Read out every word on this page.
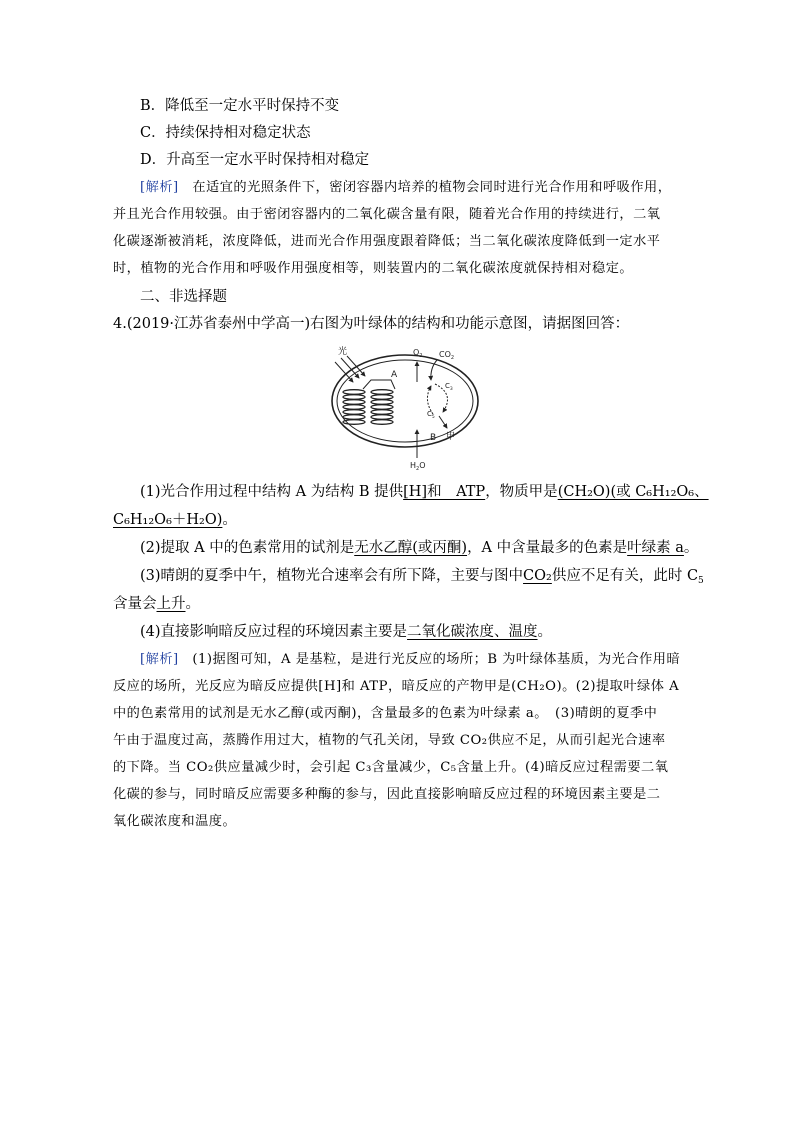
B．降低至一定水平时保持不变
C．持续保持相对稳定状态
D．升高至一定水平时保持相对稳定
[解析]　 在适宜的光照条件下，密闭容器内培养的植物会同时进行光合作用和呼吸作用，
并且光合作用较强。由于密闭容器内的二氧化碳含量有限，随着光合作用的持续进行，二氧
化碳逐渐被消耗，浓度降低，进而光合作用强度跟着降低；当二氧化碳浓度降低到一定水平
时，植物的光合作用和呼吸作用强度相等，则装置内的二氧化碳浓度就保持相对稳定。
二、非选择题
4.(2019·江苏省泰州中学高一)右图为叶绿体的结构和功能示意图，请据图回答：
光
A
$O_2$ $CO_2$
$C_3$
$C_5$
B 甲
$H_2O$
(1)光合作用过程中结构 A 为结构 B 提供[H]和　ATP，物质甲是(CH₂O)(或 C₆H₁₂O₆、
C₆H₁₂O₆＋H₂O)。
(2)提取 A 中的色素常用的试剂是无水乙醇(或丙酮)，A 中含量最多的色素是叶绿素 a。
(3)晴朗的夏季中午，植物光合速率会有所下降，主要与图中CO₂供应不足有关，此时 $C_5$
含量会上升。
(4)直接影响暗反应过程的环境因素主要是二氧化碳浓度、温度。
[解析]　 (1)据图可知，A 是基粒，是进行光反应的场所；B 为叶绿体基质，为光合作用暗
反应的场所，光反应为暗反应提供[H]和 ATP，暗反应的产物甲是(CH₂O)。(2)提取叶绿体 A
中的色素常用的试剂是无水乙醇(或丙酮)，含量最多的色素为叶绿素 a。　(3)晴朗的夏季中
午由于温度过高，蒸腾作用过大，植物的气孔关闭，导致 CO₂供应不足，从而引起光合速率
的下降。当 CO₂供应量减少时，会引起 C₃含量减少，C₅含量上升。(4)暗反应过程需要二氧
化碳的参与，同时暗反应需要多种酶的参与，因此直接影响暗反应过程的环境因素主要是二
氧化碳浓度和温度。
